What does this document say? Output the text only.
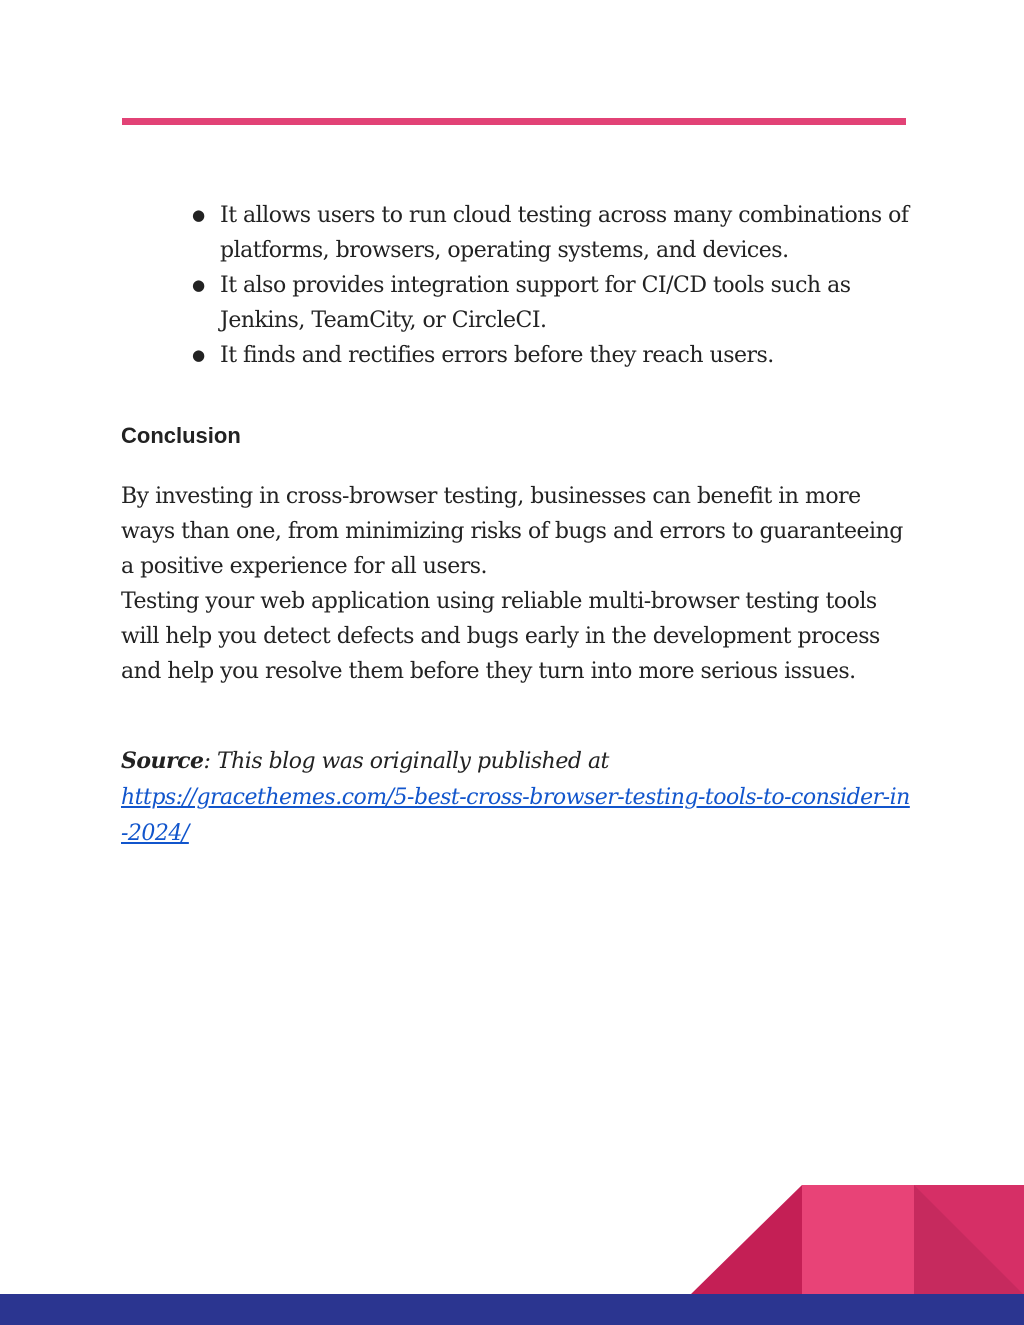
● It allows users to run cloud testing across many combinations of platforms, browsers, operating systems, and devices.
● It also provides integration support for CI/CD tools such as Jenkins, TeamCity, or CircleCI.
● It finds and rectifies errors before they reach users.
Conclusion

By investing in cross-browser testing, businesses can benefit in more ways than one, from minimizing risks of bugs and errors to guaranteeing a positive experience for all users.

Testing your web application using reliable multi-browser testing tools will help you detect defects and bugs early in the development process and help you resolve them before they turn into more serious issues.

Source: This blog was originally published at
https://gracethemes.com/5-best-cross-browser-testing-tools-to-consider-in-2024/
